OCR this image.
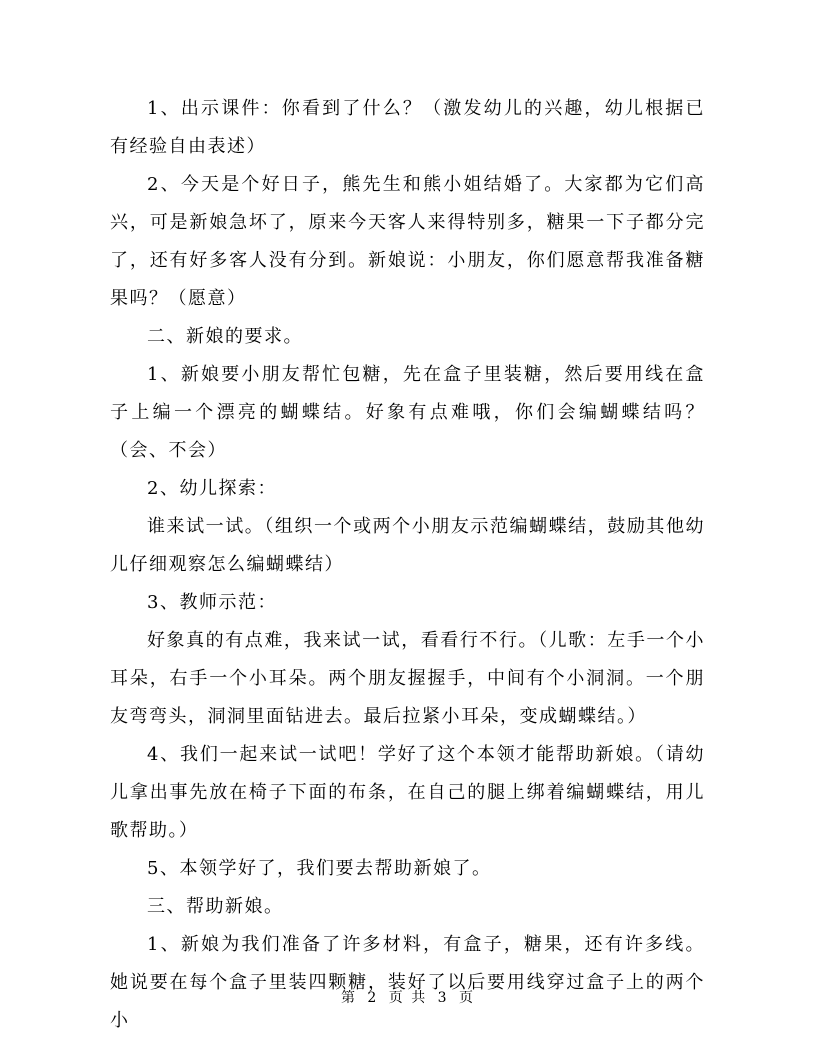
1、出示课件：你看到了什么？（激发幼儿的兴趣，幼儿根据已有经验自由表述）

2、今天是个好日子，熊先生和熊小姐结婚了。大家都为它们高兴，可是新娘急坏了，原来今天客人来得特别多，糖果一下子都分完了，还有好多客人没有分到。新娘说：小朋友，你们愿意帮我准备糖果吗？（愿意）

二、新娘的要求。

1、新娘要小朋友帮忙包糖，先在盒子里装糖，然后要用线在盒子上编一个漂亮的蝴蝶结。好象有点难哦，你们会编蝴蝶结吗？（会、不会）

2、幼儿探索：

谁来试一试。（组织一个或两个小朋友示范编蝴蝶结，鼓励其他幼儿仔细观察怎么编蝴蝶结）

3、教师示范：

好象真的有点难，我来试一试，看看行不行。（儿歌：左手一个小耳朵，右手一个小耳朵。两个朋友握握手，中间有个小洞洞。一个朋友弯弯头，洞洞里面钻进去。最后拉紧小耳朵，变成蝴蝶结。）

4、我们一起来试一试吧！学好了这个本领才能帮助新娘。（请幼儿拿出事先放在椅子下面的布条，在自己的腿上绑着编蝴蝶结，用儿歌帮助。）

5、本领学好了，我们要去帮助新娘了。

三、帮助新娘。

1、新娘为我们准备了许多材料，有盒子，糖果，还有许多线。她说要在每个盒子里装四颗糖，装好了以后要用线穿过盒子上的两个小

第 2 页 共 3 页
